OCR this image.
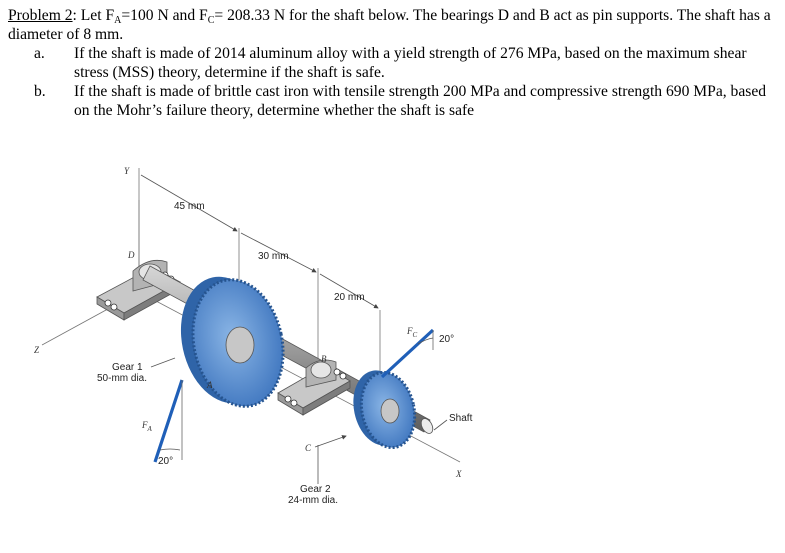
Problem 2: Let $F_A=100$ N and $F_C= 208.33$ N for the shaft below. The bearings D and B act as pin supports. The shaft has a diameter of 8 mm.

a.	If the shaft is made of 2014 aluminum alloy with a yield strength of 276 MPa, based on the maximum shear stress (MSS) theory, determine if the shaft is safe.
b.	If the shaft is made of brittle cast iron with tensile strength 200 MPa and compressive strength 690 MPa, based on the Mohr’s failure theory, determine whether the shaft is safe
Y
Z
X
45 mm
30 mm
20 mm
D
A
B
C
$F_A$
20°
$F_C$ 20°
Shaft
Gear 1
50-mm dia.
Gear 2
24-mm dia.
